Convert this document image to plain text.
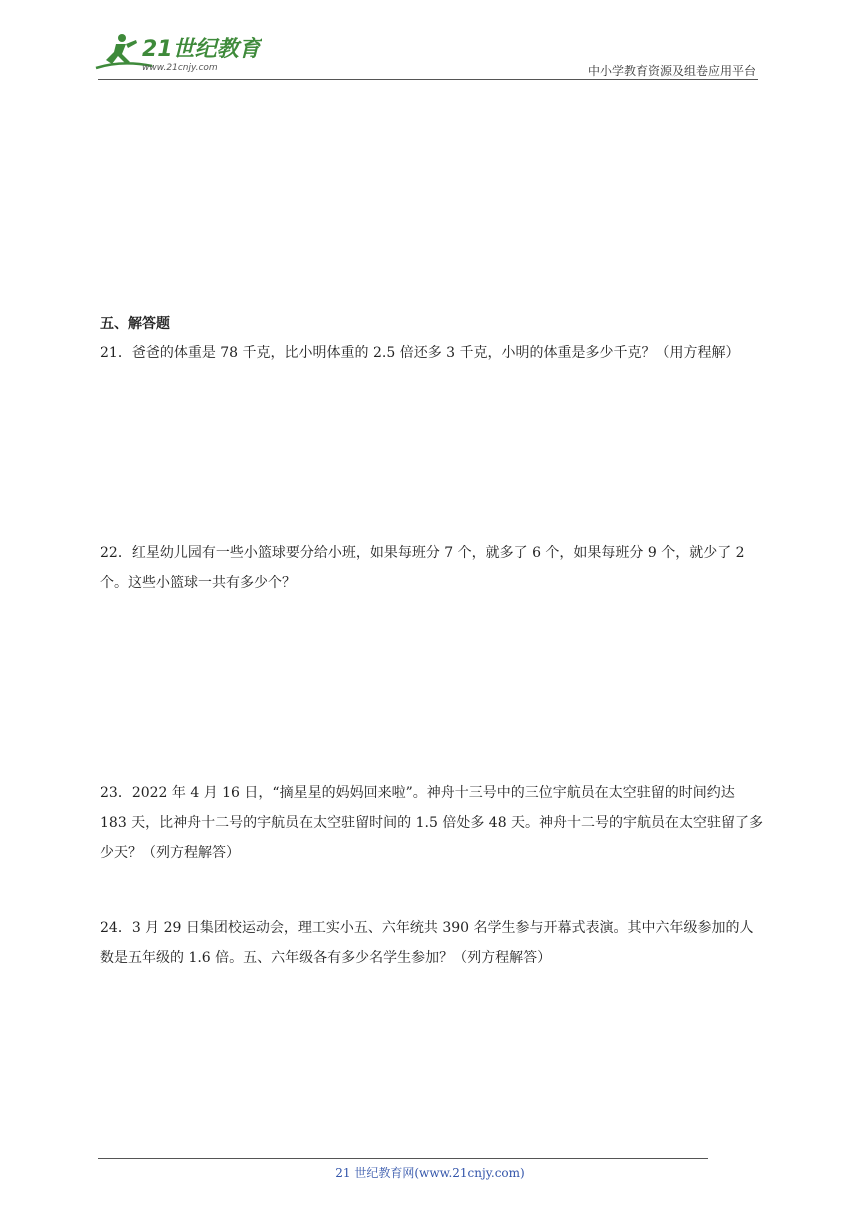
21世纪教育
www.21cnjy.com	中小学教育资源及组卷应用平台
五、解答题
21．爸爸的体重是 78 千克，比小明体重的 2.5 倍还多 3 千克，小明的体重是多少千克？（用方程解）
22．红星幼儿园有一些小篮球要分给小班，如果每班分 7 个，就多了 6 个，如果每班分 9 个，就少了 2 个。这些小篮球一共有多少个？
23．2022 年 4 月 16 日，“摘星星的妈妈回来啦”。神舟十三号中的三位宇航员在太空驻留的时间约达 183 天，比神舟十二号的宇航员在太空驻留时间的 1.5 倍处多 48 天。神舟十二号的宇航员在太空驻留了多少天？（列方程解答）
24．3 月 29 日集团校运动会，理工实小五、六年统共 390 名学生参与开幕式表演。其中六年级参加的人数是五年级的 1.6 倍。五、六年级各有多少名学生参加？（列方程解答）
21 世纪教育网(www.21cnjy.com)
